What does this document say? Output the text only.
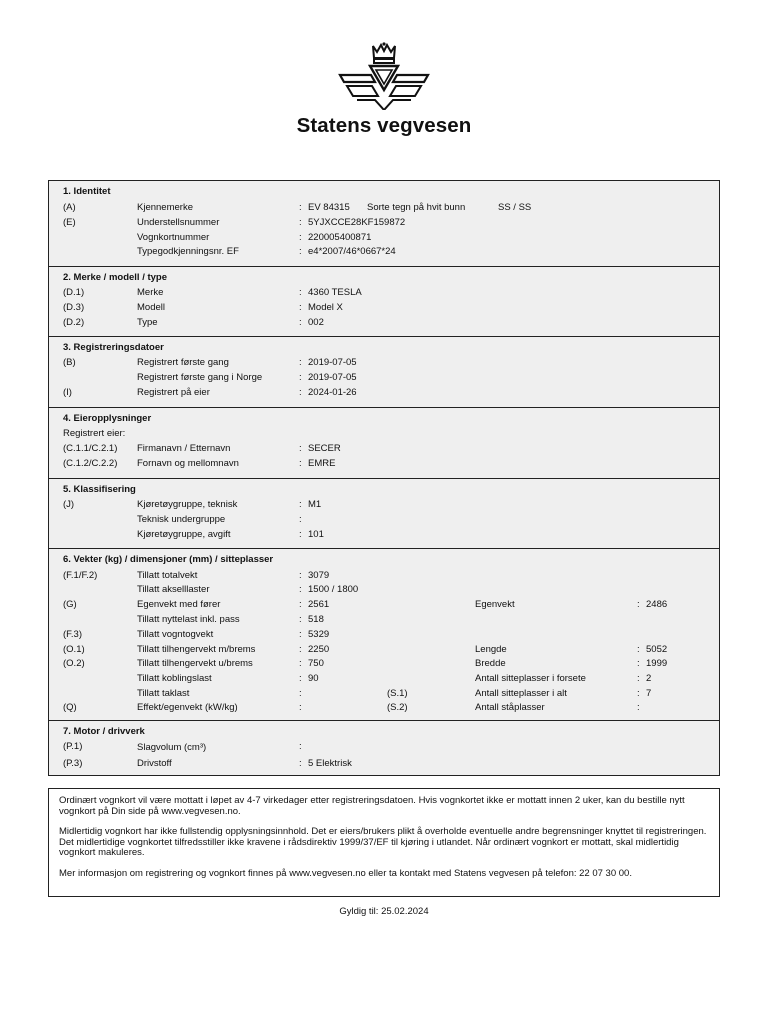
Statens vegvesen
1. Identitet
(A)	Kjennemerke	: EV 84315 Sorte tegn på hvit bunn	SS / SS
(E)	Understellsnummer	: 5YJXCCE28KF159872
Vognkortnummer	: 220005400871
Typegodkjenningsnr. EF	: e4*2007/46*0667*24
2. Merke / modell / type
(D.1)	Merke	: 4360 TESLA
(D.3)	Modell	: Model X
(D.2)	Type	: 002
3. Registreringsdatoer
(B)	Registrert første gang	: 2019-07-05
Registrert første gang i Norge	: 2019-07-05
(I)	Registrert på eier	: 2024-01-26
4. Eieropplysninger
Registrert eier:
(C.1.1/C.2.1) Firmanavn / Etternavn	: SECER
(C.1.2/C.2.2) Fornavn og mellomnavn	: EMRE
5. Klassifisering
(J)	Kjøretøygruppe, teknisk	: M1
Teknisk undergruppe	:
Kjøretøygruppe, avgift	: 101
6. Vekter (kg) / dimensjoner (mm) / sitteplasser
(F.1/F.2)	Tillatt totalvekt	: 3079
Tillatt akselllaster	: 1500 / 1800
(G)	Egenvekt med fører	: 2561	Egenvekt	: 2486
Tillatt nyttelast inkl. pass	: 518
(F.3)	Tillatt vogntogvekt	: 5329
(O.1)	Tillatt tilhengervekt m/brems	: 2250	Lengde	: 5052
(O.2)	Tillatt tilhengervekt u/brems	: 750	Bredde	: 1999
Tillatt koblingslast	: 90	Antall sitteplasser i forsete	: 2
Tillatt taklast	:	(S.1)	Antall sitteplasser i alt	: 7
(Q)	Effekt/egenvekt (kW/kg)	:	(S.2)	Antall ståplasser	:
7. Motor / drivverk
(P.1)	Slagvolum (cm³)	:
(P.3)	Drivstoff	: 5 Elektrisk

Ordinært vognkort vil være mottatt i løpet av 4-7 virkedager etter registreringsdatoen. Hvis vognkortet ikke er mottatt innen 2 uker, kan du bestille nytt vognkort på Din side på www.vegvesen.no.

Midlertidig vognkort har ikke fullstendig opplysningsinnhold. Det er eiers/brukers plikt å overholde eventuelle andre begrensninger knyttet til registreringen. Det midlertidige vognkortet tilfredsstiller ikke kravene i rådsdirektiv 1999/37/EF til kjøring i utlandet. Når ordinært vognkort er mottatt, skal midlertidig vognkort makuleres.

Mer informasjon om registrering og vognkort finnes på www.vegvesen.no eller ta kontakt med Statens vegvesen på telefon: 22 07 30 00.

Gyldig til: 25.02.2024
